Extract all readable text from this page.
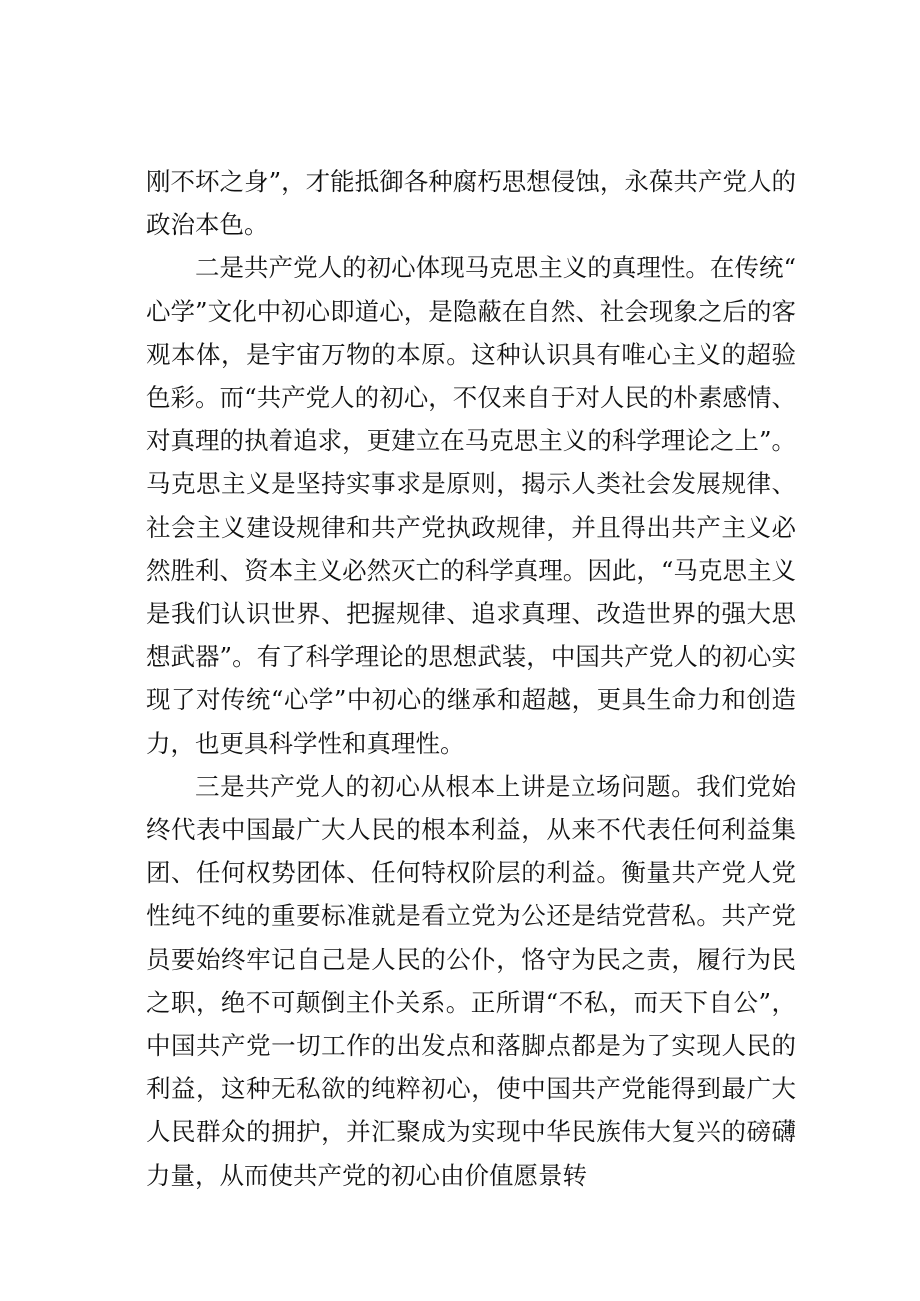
刚不坏之身”，才能抵御各种腐朽思想侵蚀，永葆共产党人的政治本色。

二是共产党人的初心体现马克思主义的真理性。在传统“心学”文化中初心即道心，是隐蔽在自然、社会现象之后的客观本体，是宇宙万物的本原。这种认识具有唯心主义的超验色彩。而“共产党人的初心，不仅来自于对人民的朴素感情、对真理的执着追求，更建立在马克思主义的科学理论之上”。马克思主义是坚持实事求是原则，揭示人类社会发展规律、社会主义建设规律和共产党执政规律，并且得出共产主义必然胜利、资本主义必然灭亡的科学真理。因此，“马克思主义是我们认识世界、把握规律、追求真理、改造世界的强大思想武器”。有了科学理论的思想武装，中国共产党人的初心实现了对传统“心学”中初心的继承和超越，更具生命力和创造力，也更具科学性和真理性。

三是共产党人的初心从根本上讲是立场问题。我们党始终代表中国最广大人民的根本利益，从来不代表任何利益集团、任何权势团体、任何特权阶层的利益。衡量共产党人党性纯不纯的重要标准就是看立党为公还是结党营私。共产党员要始终牢记自己是人民的公仆，恪守为民之责，履行为民之职，绝不可颠倒主仆关系。正所谓“不私，而天下自公”，中国共产党一切工作的出发点和落脚点都是为了实现人民的利益，这种无私欲的纯粹初心，使中国共产党能得到最广大人民群众的拥护，并汇聚成为实现中华民族伟大复兴的磅礴力量，从而使共产党的初心由价值愿景转
